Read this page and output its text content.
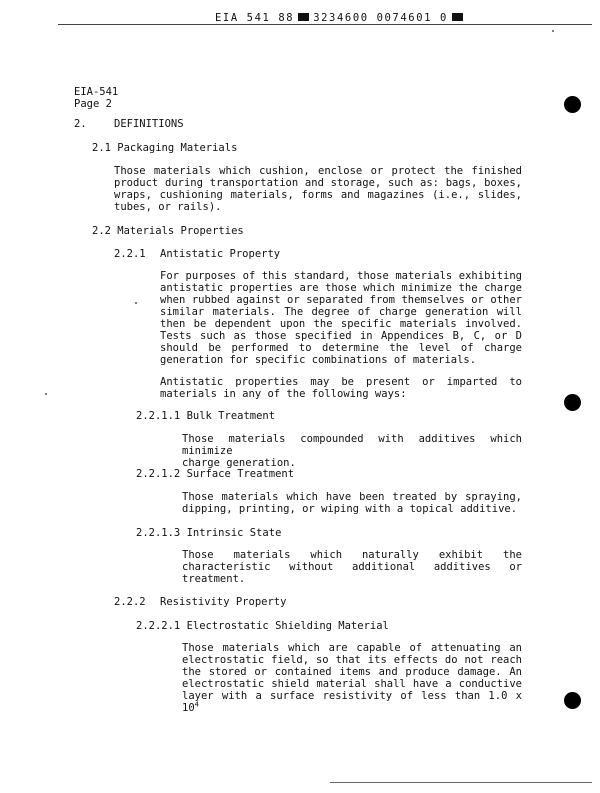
EIA 541 88 3234600 0074601 0
EIA-541
Page 2
2.	DEFINITIONS
2.1 Packaging Materials
Those materials which cushion, enclose or protect the finished
product during transportation and storage, such as: bags, boxes,
wraps, cushioning materials, forms and magazines (i.e., slides,
tubes, or rails).
2.2 Materials Properties
2.2.1 Antistatic Property
For purposes of this standard, those materials exhibiting
antistatic properties are those which minimize the charge
when rubbed against or separated from themselves or other
similar materials. The degree of charge generation will
then be dependent upon the specific materials involved.
Tests such as those specified in Appendices B, C, or D
should be performed to determine the level of charge
generation for specific combinations of materials.
Antistatic properties may be present or imparted to
materials in any of the following ways:
2.2.1.1 Bulk Treatment
Those materials compounded with additives which minimize
charge generation.
2.2.1.2 Surface Treatment
Those materials which have been treated by spraying,
dipping, printing, or wiping with a topical additive.
2.2.1.3 Intrinsic State
Those materials which naturally exhibit the
characteristic without additional additives or
treatment.
2.2.2 Resistivity Property
2.2.2.1 Electrostatic Shielding Material
Those materials which are capable of attenuating an
electrostatic field, so that its effects do not reach
the stored or contained items and produce damage. An
electrostatic shield material shall have a conductive
layer with a surface resistivity of less than 1.0 x
$10^4$
